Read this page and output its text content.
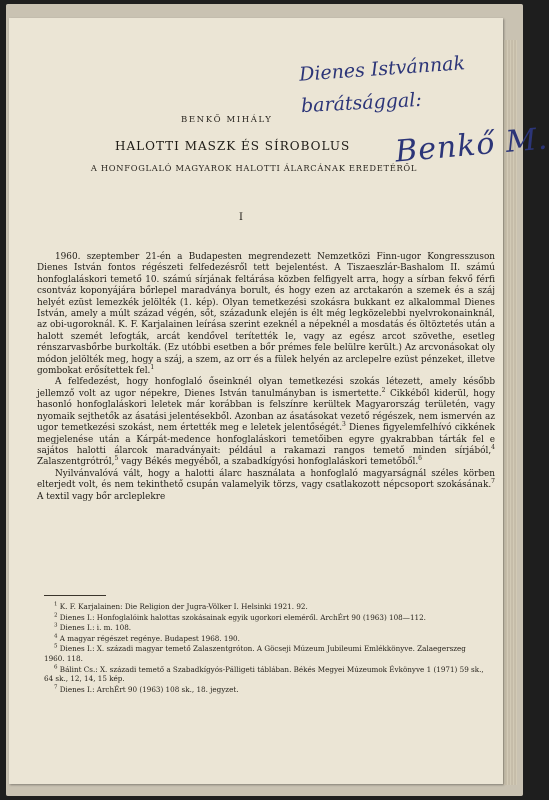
Dienes Istvánnak
barátsággal:
Benkő M.
BENKŐ MIHÁLY
HALOTTI MASZK ÉS SÍROBOLUS
A HONFOGLALÓ MAGYAROK HALOTTI ÁLARCÁNAK EREDETÉRŐL
I

1960. szeptember 21-én a Budapesten megrendezett Nemzetközi Finn-ugor Kongresszuson Dienes István fontos régészeti felfedezésről tett bejelentést. A Tiszaeszlár-Bashalom II. számú honfoglaláskori temető 10. számú sírjának feltárása közben felfigyelt arra, hogy a sírban fekvő férfi csontváz koponyájára bőrlepel maradványa borult, és hogy ezen az arctakarón a szemek és a száj helyét ezüst lemezkék jelölték (1. kép). Olyan temetkezési szokásra bukkant ez alkalommal Dienes István, amely a múlt század végén, sőt, századunk elején is élt még legközelebbi nyelvrokonainknál, az obi-ugoroknál. K. F. Karjalainen leírása szerint ezeknél a népeknél a mosdatás és öltöztetés után a halott szemét lefogták, arcát kendővel terítették le, vagy az egész arcot szövethe, esetleg rénszarvasbőrbe burkolták. (Ez utóbbi esetben a bőr prémes fele belülre került.) Az arcvonásokat oly módon jelölték meg, hogy a száj, a szem, az orr és a fülek helyén az arclepelre ezüst pénzeket, illetve gombokat erősítettek fel.$^1$

A felfedezést, hogy honfoglaló őseinknél olyan temetkezési szokás létezett, amely később jellemző volt az ugor népekre, Dienes István tanulmányban is ismertette.$^2$ Cikkéből kiderül, hogy hasonló honfoglaláskori leletek már korábban is felszínre kerültek Magyarország területén, vagy nyomaik sejthetők az ásatási jelentésekből. Azonban az ásatásokat vezető régészek, nem ismervén az ugor temetkezési szokást, nem értették meg e leletek jelentőségét.$^3$ Dienes figyelemfelhívó cikkének megjelenése után a Kárpát-medence honfoglaláskori temetőiben egyre gyakrabban tárták fel e sajátos halotti álarcok maradványait: például a rakamazi rangos temető minden sírjából,$^4$ Zalaszentgrótról,$^5$ vagy Békés megyéből, a szabadkígyósi honfoglaláskori temetőből.$^6$

Nyilvánvalóvá vált, hogy a halotti álarc használata a honfoglaló magyarságnál széles körben elterjedt volt, és nem tekinthető csupán valamelyik törzs, vagy csatlakozott népcsoport szokásának.$^7$ A textil vagy bőr arcleplekre

$^1$ K. F. Karjalainen: Die Religion der Jugra-Völker I. Helsinki 1921. 92.

$^2$ Dienes I.: Honfoglalóink halottas szokásainak egyik ugorkori eleméről. ArchÉrt 90 (1963) 108—112.

$^3$ Dienes I.: i. m. 108.

$^4$ A magyar régészet regénye. Budapest 1968. 190.

$^5$ Dienes I.: X. századi magyar temető Zalaszentgróton. A Göcseji Múzeum Jubileumi Emlékkönyve. Zalaegerszeg 1960. 118.

$^6$ Bálint Cs.: X. századi temető a Szabadkígyós-Pálligeti táblában. Békés Megyei Múzeumok Évkönyve 1 (1971) 59 sk., 64 sk., 12, 14, 15 kép.

$^7$ Dienes I.: ArchÉrt 90 (1963) 108 sk., 18. jegyzet.
